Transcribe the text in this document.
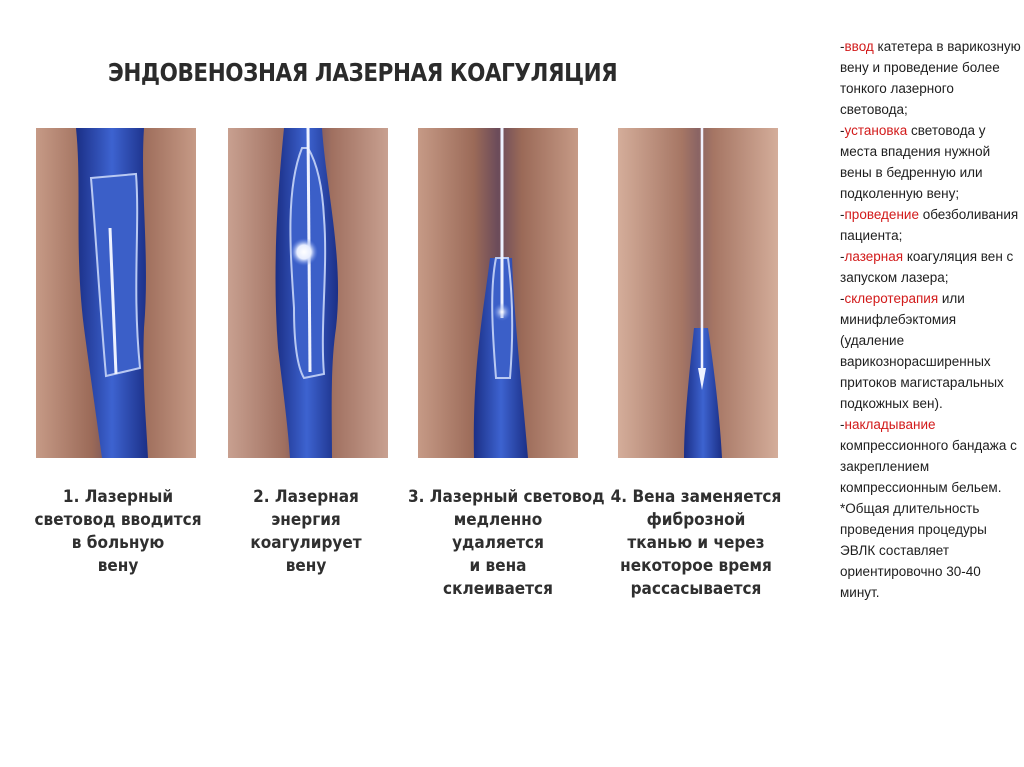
ЭНДОВЕНОЗНАЯ ЛАЗЕРНАЯ КОАГУЛЯЦИЯ
1. Лазерный
световод вводится
в больную
вену
2. Лазерная
энергия
коагулирует
вену
3. Лазерный световод
медленно
удаляется
и вена
склеивается
4. Вена заменяется
фиброзной
тканью и через
некоторое время
рассасывается
-ввод катетера в варикозную вену и проведение более тонкого лазерного световода;
-установка световода у места впадения нужной вены в бедренную или подколенную вену;
-проведение обезболивания пациента;
-лазерная коагуляция вен с запуском лазера;
-склеротерапия или минифлебэктомия (удаление варикознорасширенных притоков магистаральных подкожных вен).
-накладывание компрессионного бандажа с закреплением компрессионным бельем.
*Общая длительность проведения процедуры ЭВЛК составляет ориентировочно 30-40 минут.
